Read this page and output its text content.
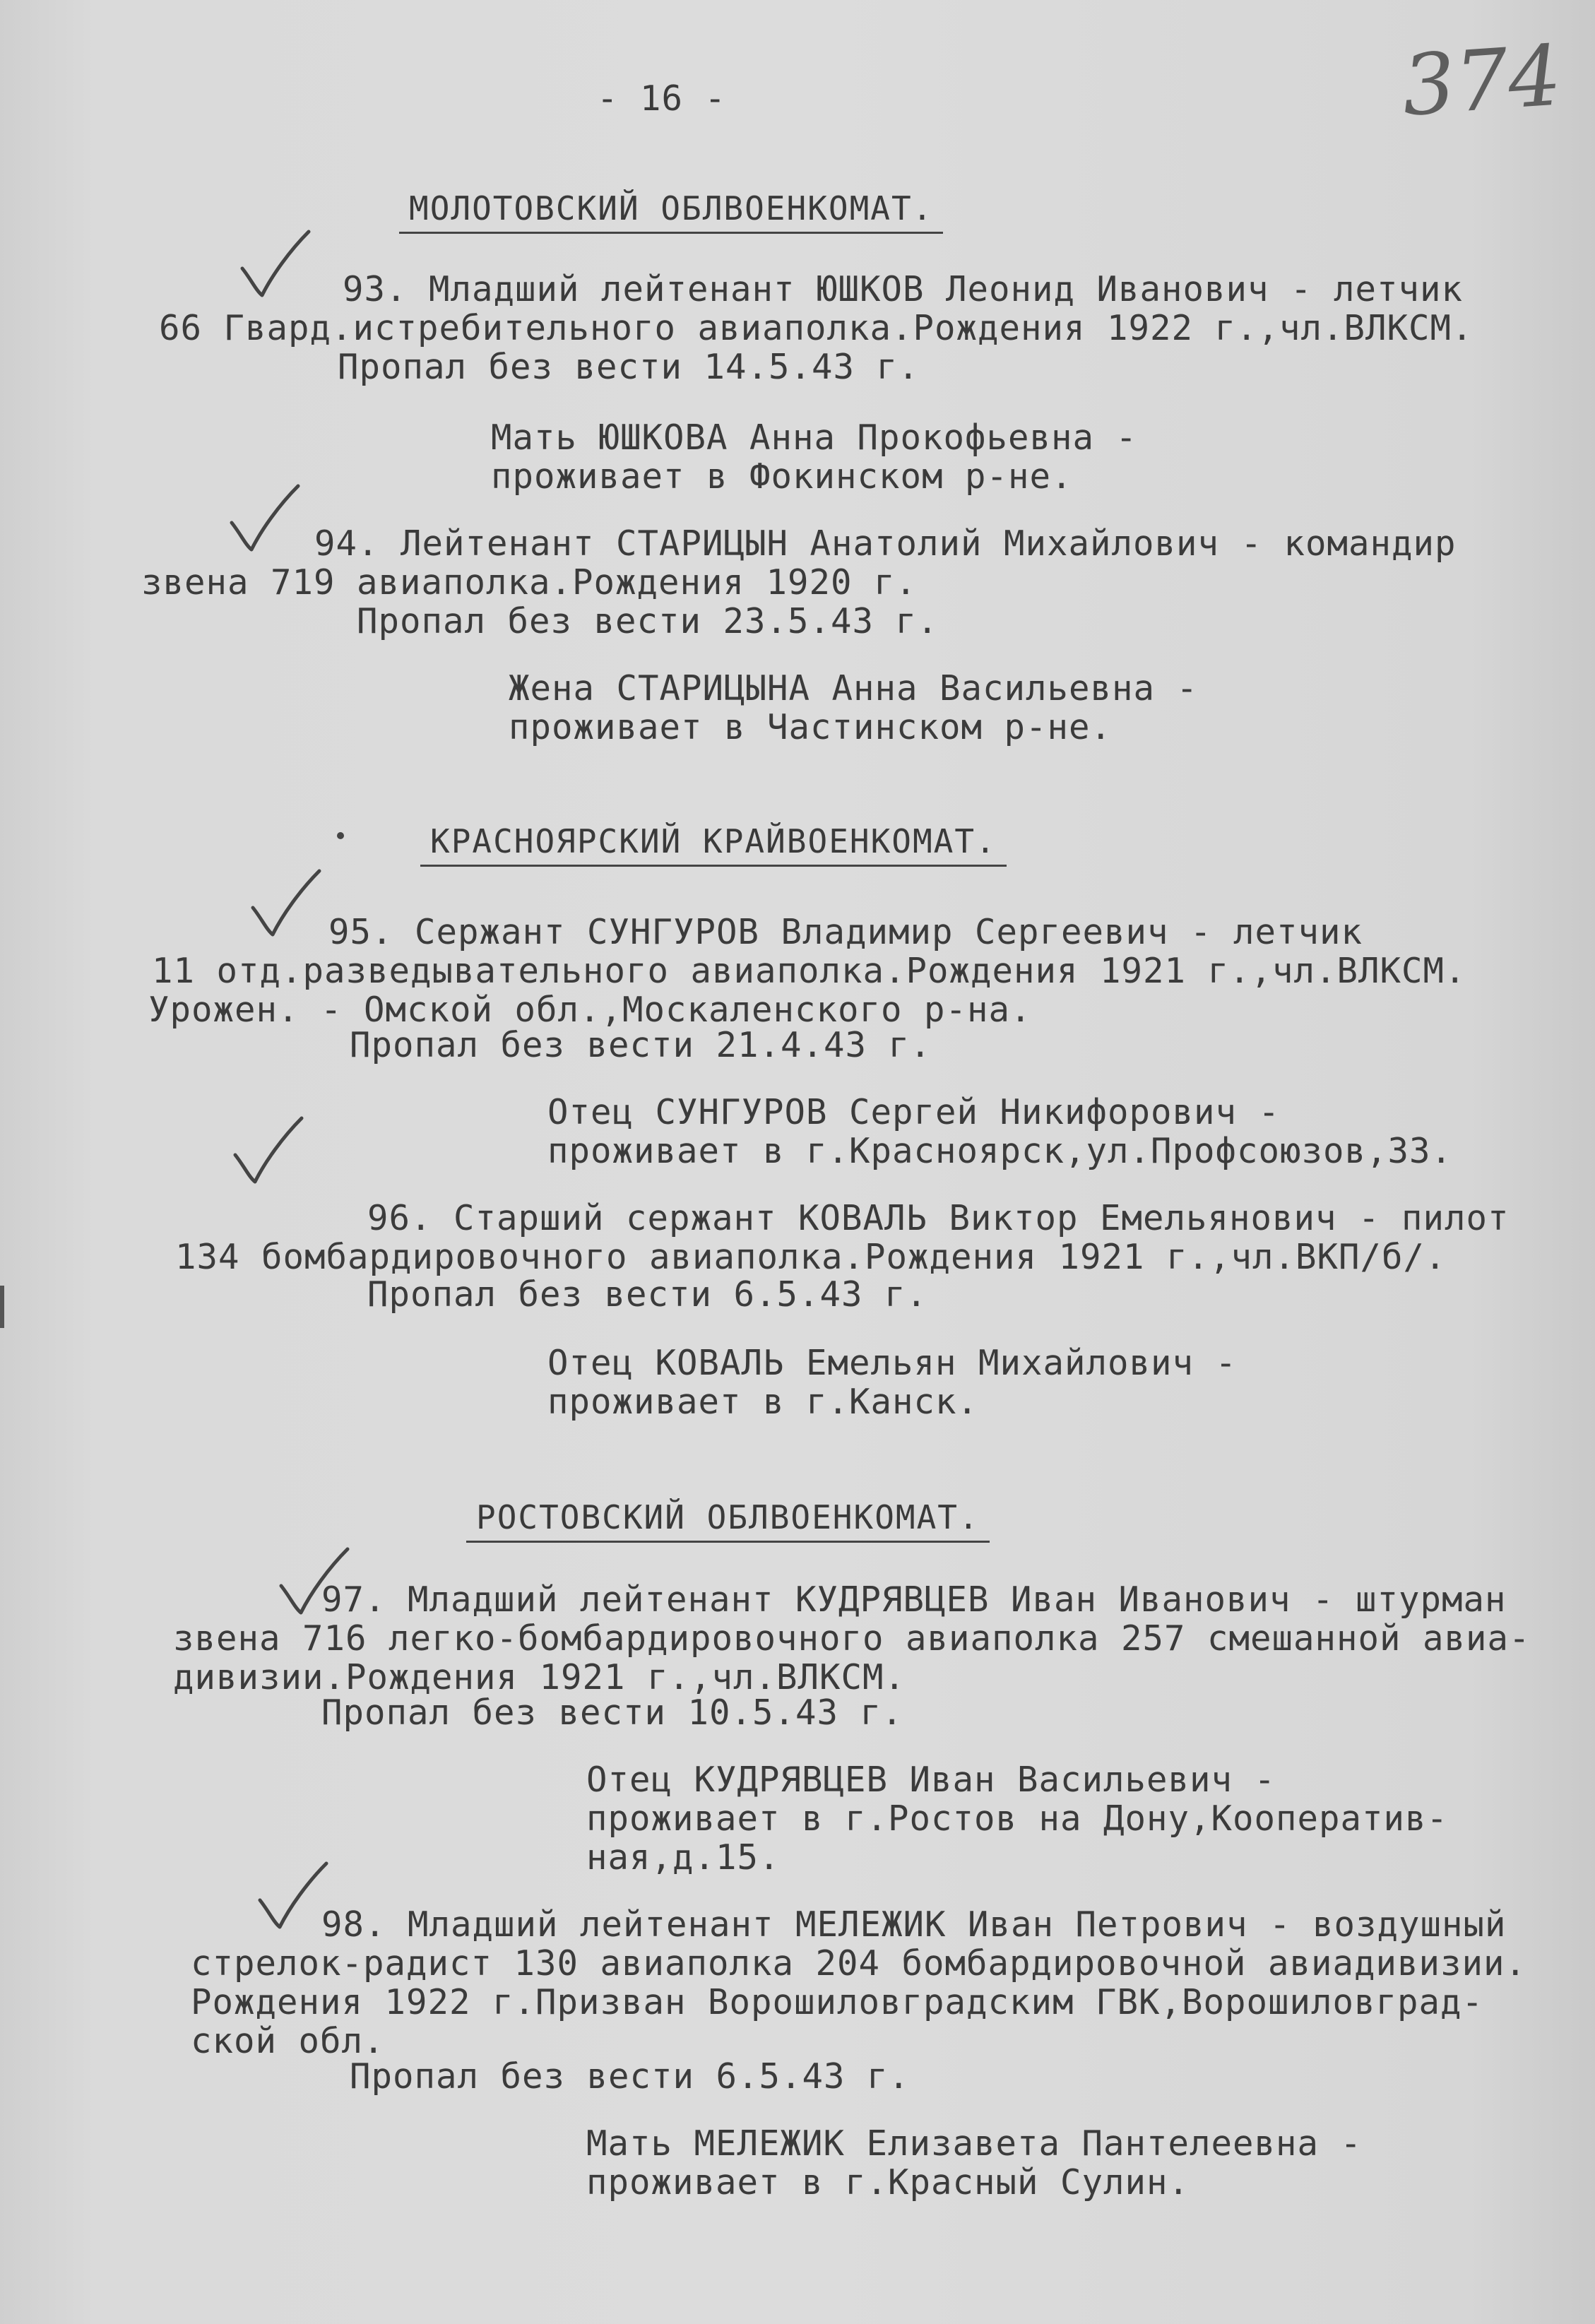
374
- 16 -
МОЛОТОВСКИЙ ОБЛВОЕНКОМАТ.
93. Младший лейтенант ЮШКОВ Леонид Иванович - летчик
66 Гвард.истребительного авиаполка.Рождения 1922 г.,чл.ВЛКСМ.
Пропал без вести 14.5.43 г.
Мать ЮШКОВА Анна Прокофьевна -
проживает в Фокинском р-не.
94. Лейтенант СТАРИЦЫН Анатолий Михайлович - командир
звена 719 авиаполка.Рождения 1920 г.
Пропал без вести 23.5.43 г.
Жена СТАРИЦЫНА Анна Васильевна -
проживает в Частинском р-не.
КРАСНОЯРСКИЙ КРАЙВОЕНКОМАТ.
95. Сержант СУНГУРОВ Владимир Сергеевич - летчик
11 отд.разведывательного авиаполка.Рождения 1921 г.,чл.ВЛКСМ.
Урожен. - Омской обл.,Москаленского р-на.
Пропал без вести 21.4.43 г.
Отец СУНГУРОВ Сергей Никифорович -
проживает в г.Красноярск,ул.Профсоюзов,33.
96. Старший сержант КОВАЛЬ Виктор Емельянович - пилот
134 бомбардировочного авиаполка.Рождения 1921 г.,чл.ВКП/б/.
Пропал без вести 6.5.43 г.
Отец КОВАЛЬ Емельян Михайлович -
проживает в г.Канск.
РОСТОВСКИЙ ОБЛВОЕНКОМАТ.
97. Младший лейтенант КУДРЯВЦЕВ Иван Иванович - штурман
звена 716 легко-бомбардировочного авиаполка 257 смешанной авиа-
дивизии.Рождения 1921 г.,чл.ВЛКСМ.
Пропал без вести 10.5.43 г.
Отец КУДРЯВЦЕВ Иван Васильевич -
проживает в г.Ростов на Дону,Кооператив-
ная,д.15.
98. Младший лейтенант МЕЛЕЖИК Иван Петрович - воздушный
стрелок-радист 130 авиаполка 204 бомбардировочной авиадивизии.
Рождения 1922 г.Призван Ворошиловградским ГВК,Ворошиловград-
ской обл.
Пропал без вести 6.5.43 г.
Мать МЕЛЕЖИК Елизавета Пантелеевна -
проживает в г.Красный Сулин.
